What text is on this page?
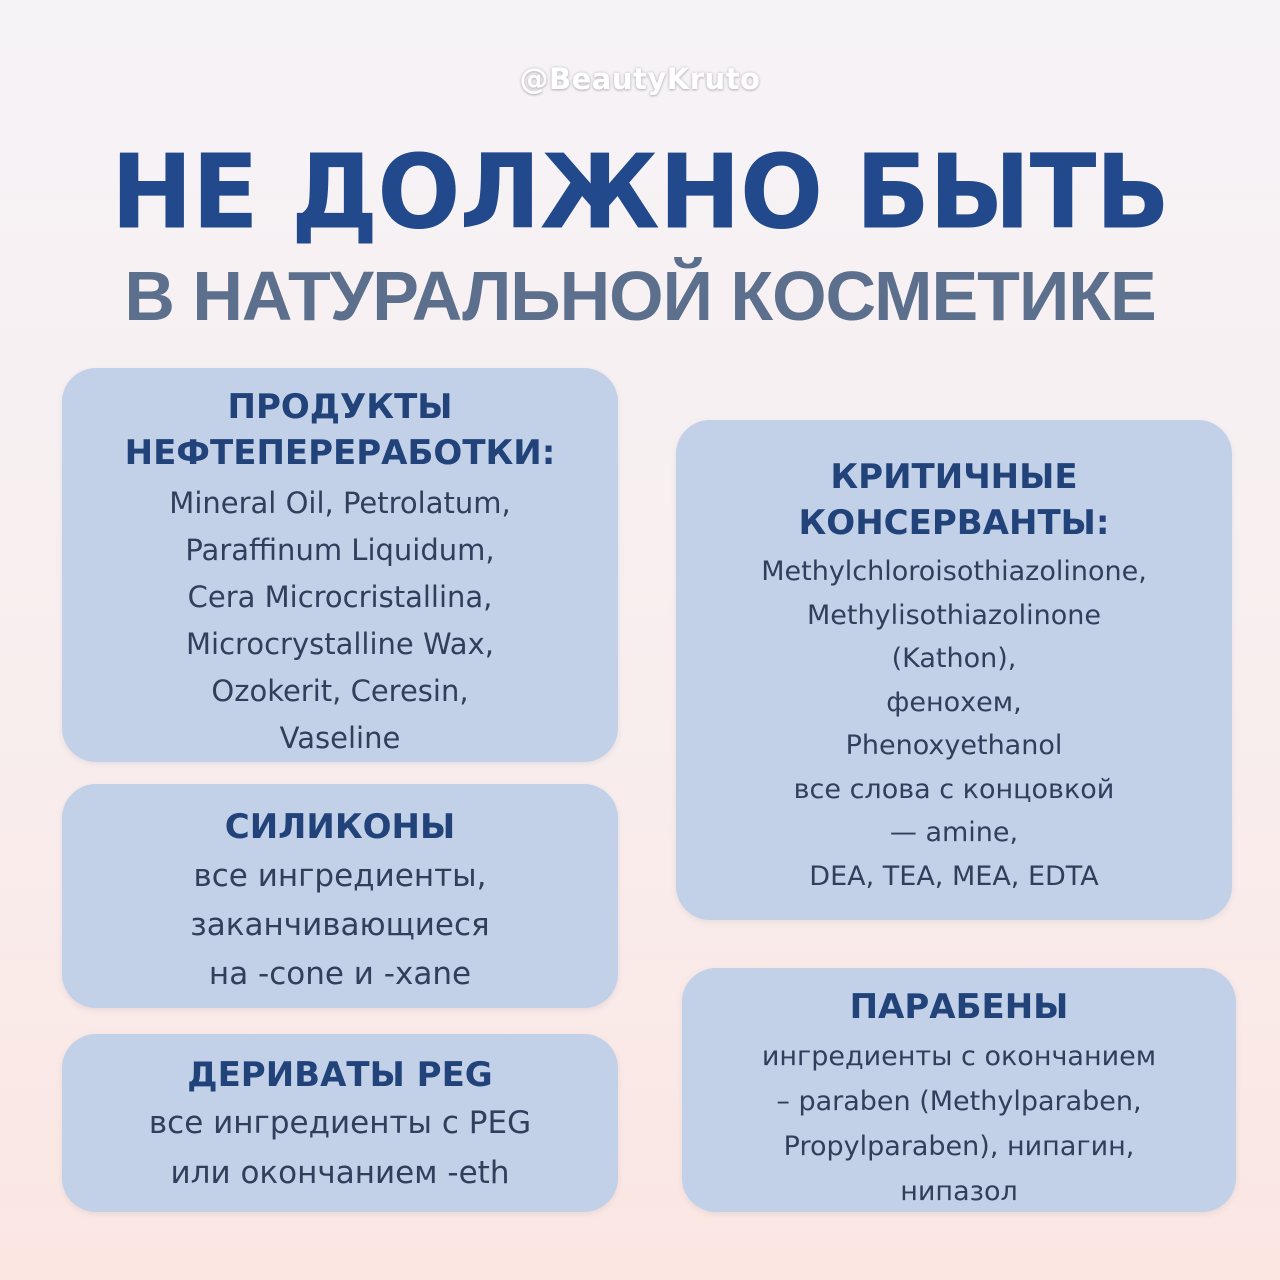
@BeautyKruto
НЕ ДОЛЖНО БЫТЬ
В НАТУРАЛЬНОЙ КОСМЕТИКЕ
ПРОДУКТЫ
НЕФТЕПЕРЕРАБОТКИ:
Mineral Oil, Petrolatum,
Paraffinum Liquidum,
Cera Microcristallina,
Microcrystalline Wax,
Ozokerit, Ceresin,
Vaseline
СИЛИКОНЫ
все ингредиенты,
заканчивающиеся
на -cone и -xane
ДЕРИВАТЫ PEG
все ингредиенты с PEG
или окончанием -eth
КРИТИЧНЫЕ
КОНСЕРВАНТЫ:
Methylchloroisothiazolinone,
Methylisothiazolinone
(Kathon),
фенохем,
Phenoxyethanol
все слова с концовкой
— amine,
DEA, TEA, MEA, EDTA
ПАРАБЕНЫ
ингредиенты с окончанием
– paraben (Methylparaben,
Propylparaben), нипагин,
нипазол
